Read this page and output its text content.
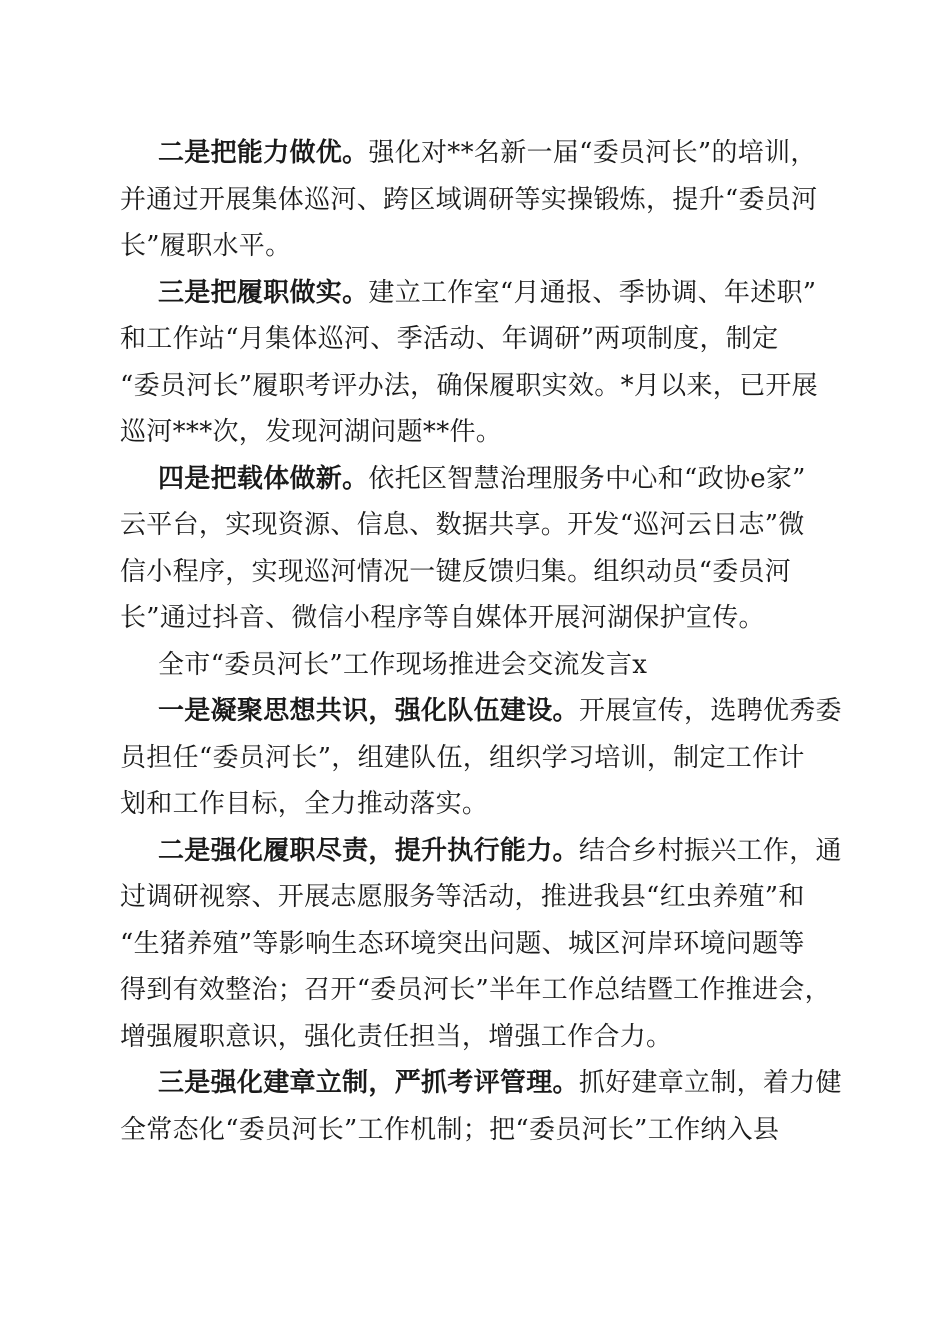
二是把能力做优。强化对**名新一届“委员河长”的培训，
并通过开展集体巡河、跨区域调研等实操锻炼，提升“委员河
长”履职水平。
三是把履职做实。建立工作室“月通报、季协调、年述职”
和工作站“月集体巡河、季活动、年调研”两项制度，制定
“委员河长”履职考评办法，确保履职实效。*月以来，已开展
巡河***次，发现河湖问题**件。
四是把载体做新。依托区智慧治理服务中心和“政协e家”
云平台，实现资源、信息、数据共享。开发“巡河云日志”微
信小程序，实现巡河情况一键反馈归集。组织动员“委员河
长”通过抖音、微信小程序等自媒体开展河湖保护宣传。
全市“委员河长”工作现场推进会交流发言x
一是凝聚思想共识，强化队伍建设。开展宣传，选聘优秀委
员担任“委员河长”，组建队伍，组织学习培训，制定工作计
划和工作目标，全力推动落实。
二是强化履职尽责，提升执行能力。结合乡村振兴工作，通
过调研视察、开展志愿服务等活动，推进我县“红虫养殖”和
“生猪养殖”等影响生态环境突出问题、城区河岸环境问题等
得到有效整治；召开“委员河长”半年工作总结暨工作推进会，
增强履职意识，强化责任担当，增强工作合力。
三是强化建章立制，严抓考评管理。抓好建章立制，着力健
全常态化“委员河长”工作机制；把“委员河长”工作纳入县
